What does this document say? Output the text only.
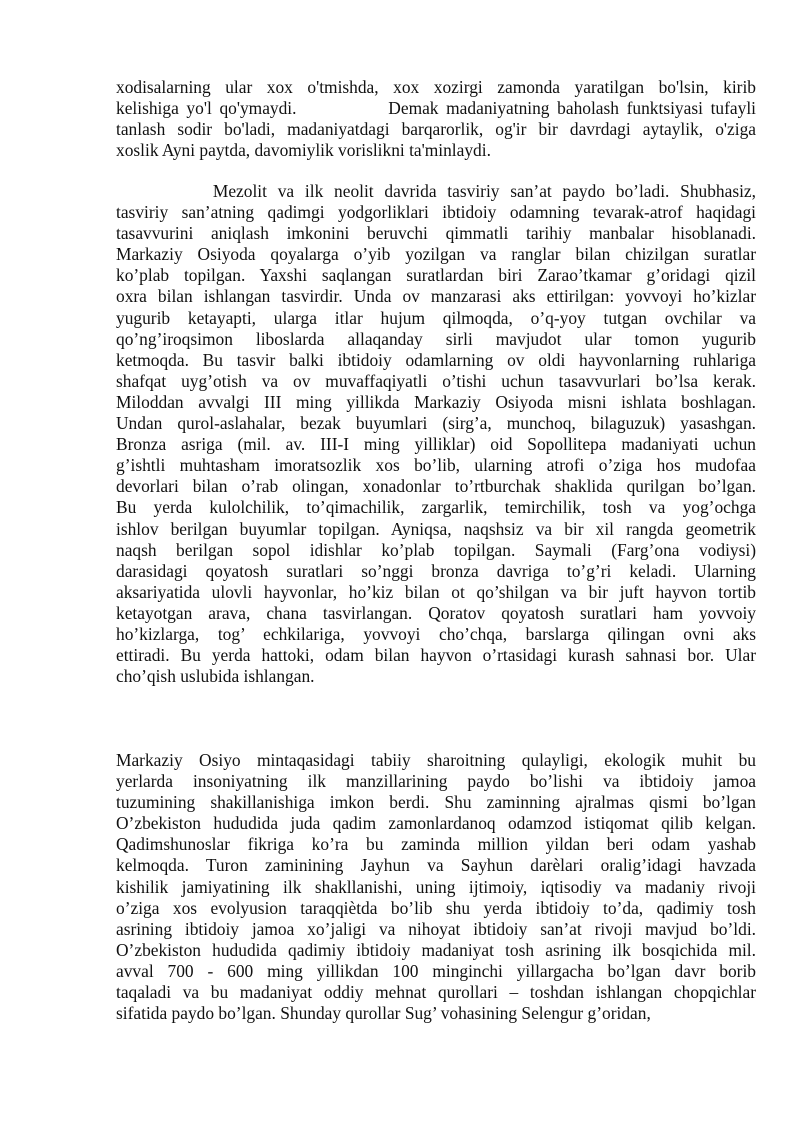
xodisalarning ular xox o'tmishda, xox xozirgi zamonda yaratilgan bo'lsin, kirib
kelishiga yo'l qo'ymaydi.            Demak madaniyatning baholash funktsiyasi tufayli
tanlash sodir bo'ladi, madaniyatdagi barqarorlik, og'ir bir davrdagi aytaylik, o'ziga
xoslik Ayni paytda, davomiylik vorislikni ta'minlaydi.
Mezolit va ilk neolit davrida tasviriy san’at paydo bo’ladi. Shubhasiz,
tasviriy san’atning qadimgi yodgorliklari ibtidoiy odamning tevarak-atrof haqidagi
tasavvurini aniqlash imkonini beruvchi qimmatli tarihiy manbalar hisoblanadi.
Markaziy Osiyoda qoyalarga o’yib yozilgan va ranglar bilan chizilgan suratlar
ko’plab topilgan. Yaxshi saqlangan suratlardan biri Zarao’tkamar g’oridagi qizil
oxra bilan ishlangan tasvirdir. Unda ov manzarasi aks ettirilgan: yovvoyi ho’kizlar
yugurib ketayapti, ularga itlar hujum qilmoqda, o’q-yoy tutgan ovchilar va
qo’ng’iroqsimon liboslarda allaqanday sirli mavjudot ular tomon yugurib
ketmoqda. Bu tasvir balki ibtidoiy odamlarning ov oldi hayvonlarning ruhlariga
shafqat uyg’otish va ov muvaffaqiyatli o’tishi uchun tasavvurlari bo’lsa kerak.
Miloddan avvalgi III ming yillikda Markaziy Osiyoda misni ishlata boshlagan.
Undan qurol-aslahalar, bezak buyumlari (sirg’a, munchoq, bilaguzuk) yasashgan.
Bronza asriga (mil. av. III-I ming yilliklar) oid Sopollitepa madaniyati uchun
g’ishtli muhtasham imoratsozlik xos bo’lib, ularning atrofi o’ziga hos mudofaa
devorlari bilan o’rab olingan, xonadonlar to’rtburchak shaklida qurilgan bo’lgan.
Bu yerda kulolchilik, to’qimachilik, zargarlik, temirchilik, tosh va yog’ochga
ishlov berilgan buyumlar topilgan. Ayniqsa, naqshsiz va bir xil rangda geometrik
naqsh berilgan sopol idishlar ko’plab topilgan. Saymali (Farg’ona vodiysi)
darasidagi qoyatosh suratlari so’nggi bronza davriga to’g’ri keladi. Ularning
aksariyatida ulovli hayvonlar, ho’kiz bilan ot qo’shilgan va bir juft hayvon tortib
ketayotgan arava, chana tasvirlangan. Qoratov qoyatosh suratlari ham yovvoiy
ho’kizlarga, tog’ echkilariga, yovvoyi cho’chqa, barslarga qilingan ovni aks
ettiradi. Bu yerda hattoki, odam bilan hayvon o’rtasidagi kurash sahnasi bor. Ular
cho’qish uslubida ishlangan.
Markaziy Osiyo mintaqasidagi tabiiy sharoitning qulayligi, ekologik muhit bu
yerlarda insoniyatning ilk manzillarining paydo bo’lishi va ibtidoiy jamoa
tuzumining shakillanishiga imkon berdi. Shu zaminning ajralmas qismi bo’lgan
O’zbekiston hududida juda qadim zamonlardanoq odamzod istiqomat qilib kelgan.
Qadimshunoslar fikriga ko’ra bu zaminda million yildan beri odam yashab
kelmoqda. Turon zaminining Jayhun va Sayhun darèlari oralig’idagi havzada
kishilik jamiyatining ilk shakllanishi, uning ijtimoiy, iqtisodiy va madaniy rivoji
o’ziga xos evolyusion taraqqiètda bo’lib shu yerda ibtidoiy to’da, qadimiy tosh
asrining ibtidoiy jamoa xo’jaligi va nihoyat ibtidoiy san’at rivoji mavjud bo’ldi.
O’zbekiston hududida qadimiy ibtidoiy madaniyat tosh asrining ilk bosqichida mil.
avval 700 - 600 ming yillikdan 100 minginchi yillargacha bo’lgan davr borib
taqaladi va bu madaniyat oddiy mehnat qurollari – toshdan ishlangan chopqichlar
sifatida paydo bo’lgan. Shunday qurollar Sug’ vohasining Selengur g’oridan,
